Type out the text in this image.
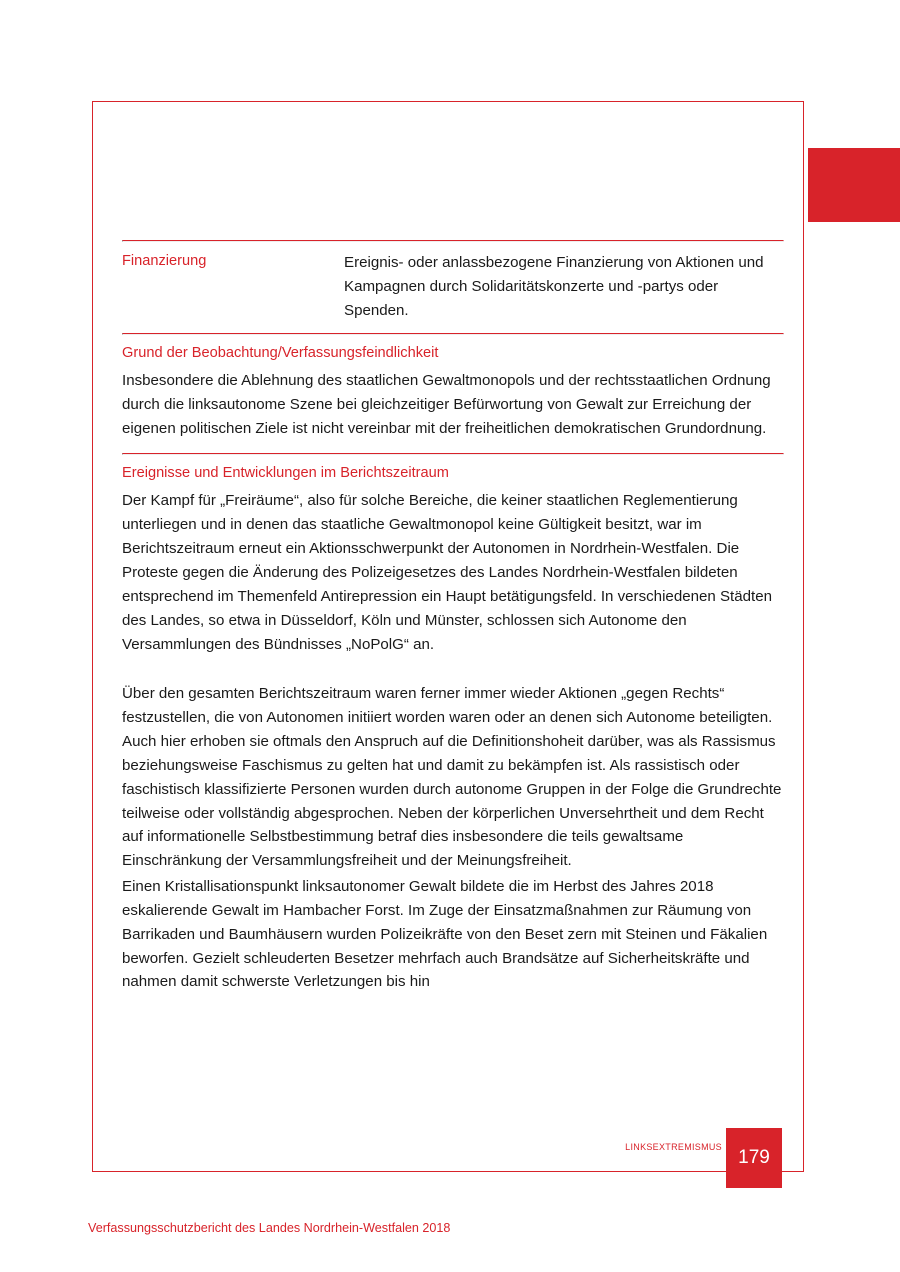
Finanzierung	Ereignis- oder anlassbezogene Finanzierung von Aktionen und Kampagnen durch Solidaritätskonzerte und -partys oder Spenden.
Grund der Beobachtung/Verfassungsfeindlichkeit

Insbesondere die Ablehnung des staatlichen Gewaltmonopols und der rechtsstaatlichen Ordnung durch die linksautonome Szene bei gleichzeitiger Befürwortung von Gewalt zur Erreichung der eigenen politischen Ziele ist nicht vereinbar mit der freiheitlichen demokratischen Grundordnung.

Ereignisse und Entwicklungen im Berichtszeitraum

Der Kampf für „Freiräume“, also für solche Bereiche, die keiner staatlichen Reglementierung unterliegen und in denen das staatliche Gewaltmonopol keine Gültigkeit besitzt, war im Berichtszeitraum erneut ein Aktionsschwerpunkt der Autonomen in Nordrhein-Westfalen. Die Proteste gegen die Änderung des Polizeigesetzes des Landes Nordrhein-Westfalen bildeten entsprechend im Themenfeld Antirepression ein Haupt betätigungsfeld. In verschiedenen Städten des Landes, so etwa in Düsseldorf, Köln und Münster, schlossen sich Autonome den Versammlungen des Bündnisses „NoPolG“ an.

Über den gesamten Berichtszeitraum waren ferner immer wieder Aktionen „gegen Rechts“ festzustellen, die von Autonomen initiiert worden waren oder an denen sich Autonome beteiligten. Auch hier erhoben sie oftmals den Anspruch auf die Definitionshoheit darüber, was als Rassismus beziehungsweise Faschismus zu gelten hat und damit zu bekämpfen ist. Als rassistisch oder faschistisch klassifizierte Personen wurden durch autonome Gruppen in der Folge die Grundrechte teilweise oder vollständig abgesprochen. Neben der körperlichen Unversehrtheit und dem Recht auf informationelle Selbstbestimmung betraf dies insbesondere die teils gewaltsame Einschränkung der Versammlungsfreiheit und der Meinungsfreiheit.

Einen Kristallisationspunkt linksautonomer Gewalt bildete die im Herbst des Jahres 2018 eskalierende Gewalt im Hambacher Forst. Im Zuge der Einsatzmaßnahmen zur Räumung von Barrikaden und Baumhäusern wurden Polizeikräfte von den Beset zern mit Steinen und Fäkalien beworfen. Gezielt schleuderten Besetzer mehrfach auch Brandsätze auf Sicherheitskräfte und nahmen damit schwerste Verletzungen bis hin

linksextremismus
179
Verfassungsschutzbericht des Landes Nordrhein-Westfalen 2018
